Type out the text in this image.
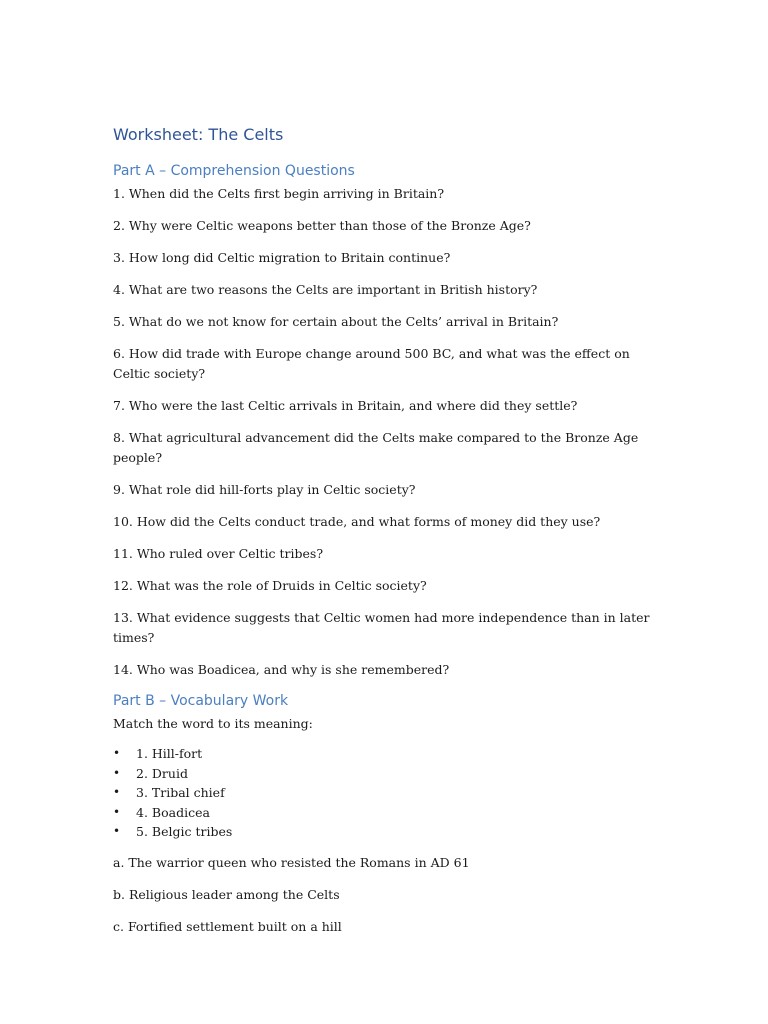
Worksheet: The Celts
Part A – Comprehension Questions

1. When did the Celts first begin arriving in Britain?

2. Why were Celtic weapons better than those of the Bronze Age?

3. How long did Celtic migration to Britain continue?

4. What are two reasons the Celts are important in British history?

5. What do we not know for certain about the Celts’ arrival in Britain?

6. How did trade with Europe change around 500 BC, and what was the effect on Celtic society?

7. Who were the last Celtic arrivals in Britain, and where did they settle?

8. What agricultural advancement did the Celts make compared to the Bronze Age people?

9. What role did hill-forts play in Celtic society?

10. How did the Celts conduct trade, and what forms of money did they use?

11. Who ruled over Celtic tribes?

12. What was the role of Druids in Celtic society?

13. What evidence suggests that Celtic women had more independence than in later times?

14. Who was Boadicea, and why is she remembered?

Part B – Vocabulary Work

Match the word to its meaning:

• 1. Hill-fort
• 2. Druid
• 3. Tribal chief
• 4. Boadicea
• 5. Belgic tribes

a. The warrior queen who resisted the Romans in AD 61

b. Religious leader among the Celts

c. Fortified settlement built on a hill
